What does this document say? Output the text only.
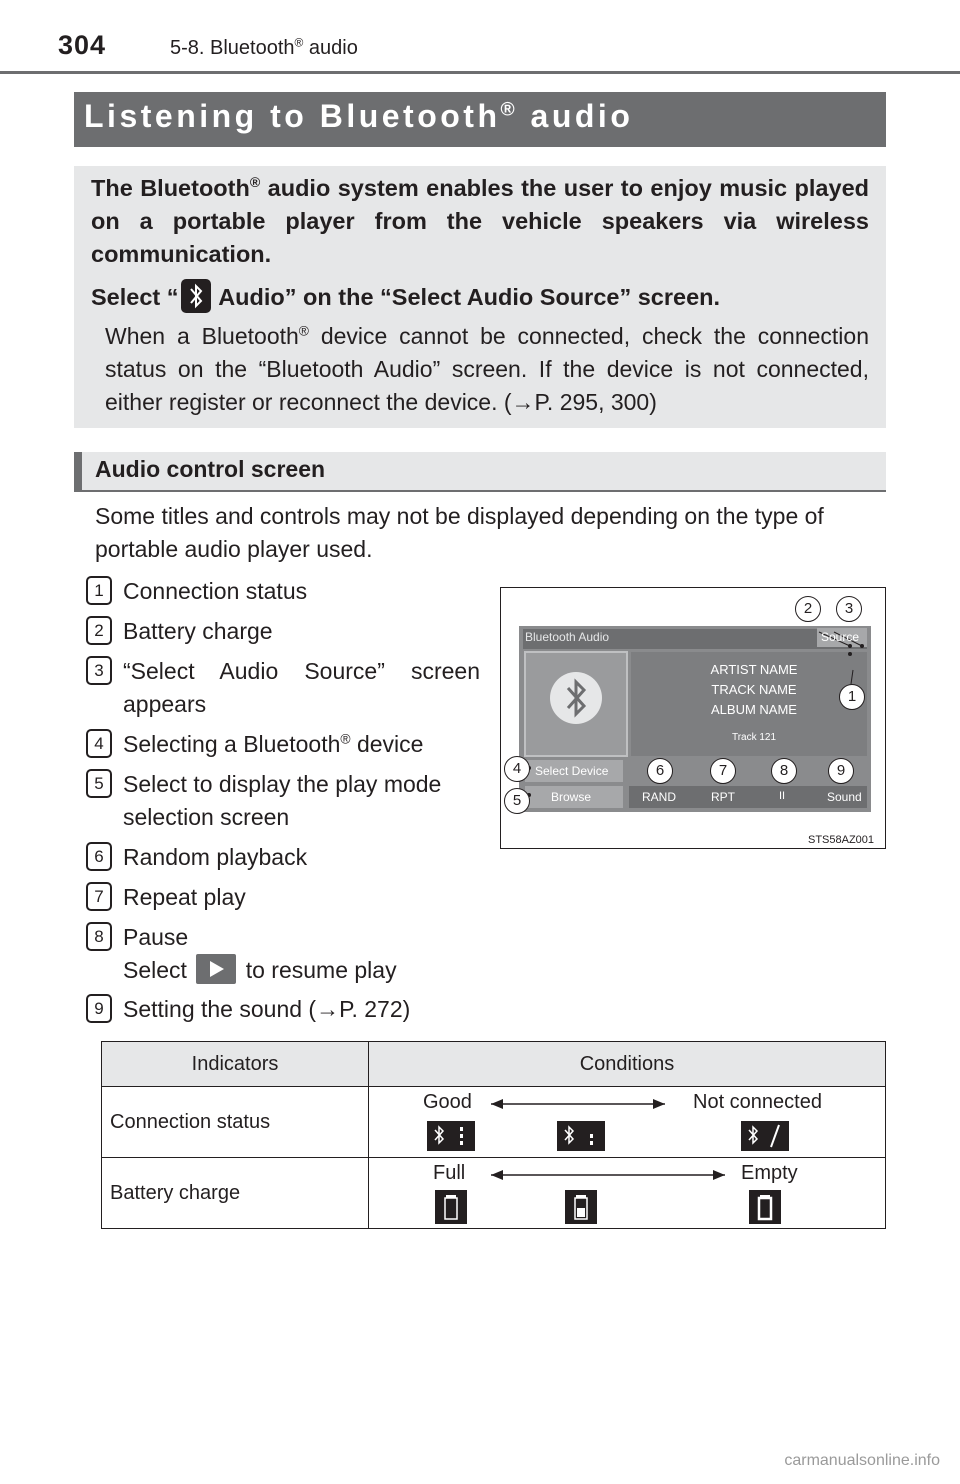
304	5-8. Bluetooth® audio
Listening to Bluetooth® audio
The Bluetooth® audio system enables the user to enjoy music played on a portable player from the vehicle speakers via wireless communication.
Select “ Audio” on the “Select Audio Source” screen.
When a Bluetooth® device cannot be connected, check the connection status on the “Bluetooth Audio” screen. If the device is not connected, either register or reconnect the device. (→P. 295, 300)
Audio control screen
Some titles and controls may not be displayed depending on the type of portable audio player used.
1 Connection status
2 Battery charge
3 “Select Audio Source” screen appears
4 Selecting a Bluetooth® device
5 Select to display the play mode selection screen
6 Random playback
7 Repeat play
8 Pause
Select  to resume play
9 Setting the sound (→P. 272)
Bluetooth Audio	Source
ARTIST NAME
TRACK NAME
ALBUM NAME
Track 121
Select Device
Browse	RAND	RPT	II	Sound
2	3
1
4
5
6	7	8	9
STS58AZ001
Indicators	Conditions
Connection status	Good Not connected

Battery charge	Full Empty
carmanualsonline.info
